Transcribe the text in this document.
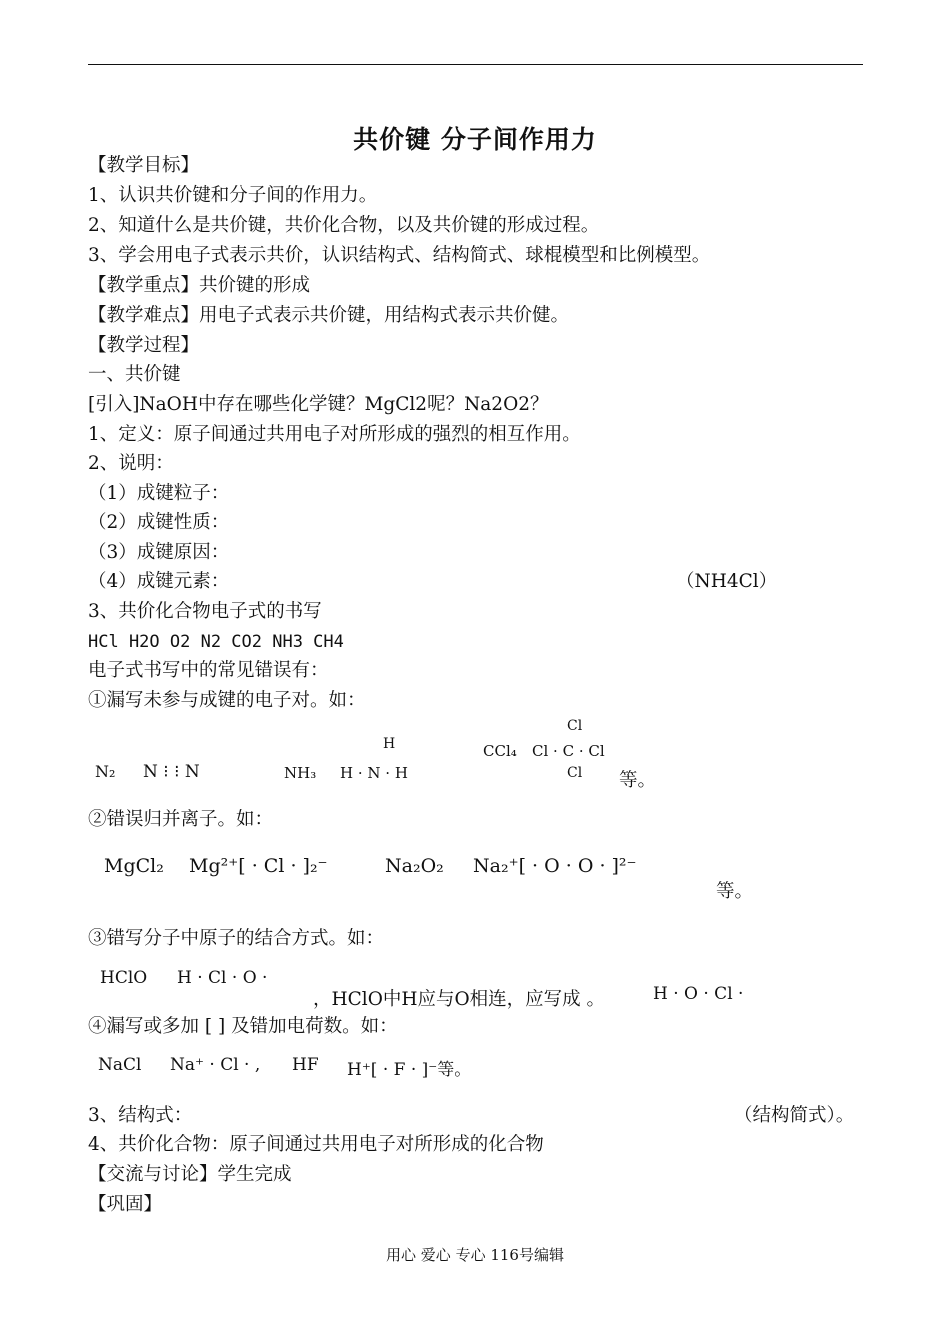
共价键 分子间作用力
【教学目标】
1、认识共价键和分子间的作用力。
2、知道什么是共价键，共价化合物，以及共价键的形成过程。
3、学会用电子式表示共价，认识结构式、结构简式、球棍模型和比例模型。
【教学重点】共价键的形成
【教学难点】用电子式表示共价键，用结构式表示共价健。
【教学过程】
一、共价键
[引入]NaOH中存在哪些化学键？MgCl2呢？Na2O2？
1、定义：原子间通过共用电子对所形成的强烈的相互作用。
2、说明：
（1）成键粒子：
（2）成键性质：
（3）成键原因：
（4）成键元素：	（NH4Cl）
3、共价化合物电子式的书写
HCl H2O O2 N2 CO2 NH3 CH4
电子式书写中的常见错误有：
①漏写未参与成键的电子对。如：
N₂ N ⁝ ⁝ N	NH₃
H
H · N · H
CCl₄
Cl
Cl · C · Cl
Cl 等。
②错误归并离子。如：
MgCl₂ Mg²⁺[ · Cl · ]₂⁻	Na₂O₂ Na₂⁺[ · O · O · ]²⁻
等。
③错写分子中原子的结合方式。如：
HClO H · Cl · O ·
，HClO中H应与O相连，应写成 。	H · O · Cl ·
④漏写或多加 [ ] 及错加电荷数。如：
NaCl Na⁺ · Cl · , HF H⁺[ · F · ]⁻等。
3、结构式：	（结构简式）。
4、共价化合物：原子间通过共用电子对所形成的化合物
【交流与讨论】学生完成
【巩固】
用心 爱心 专心 116号编辑
